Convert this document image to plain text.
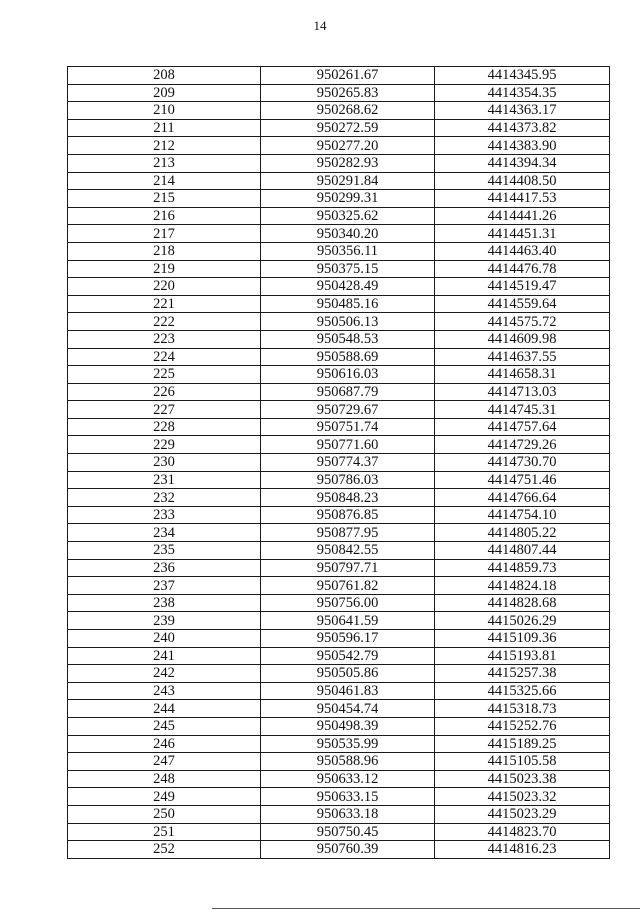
14
208	950261.67	4414345.95
209	950265.83	4414354.35
210	950268.62	4414363.17
211	950272.59	4414373.82
212	950277.20	4414383.90
213	950282.93	4414394.34
214	950291.84	4414408.50
215	950299.31	4414417.53
216	950325.62	4414441.26
217	950340.20	4414451.31
218	950356.11	4414463.40
219	950375.15	4414476.78
220	950428.49	4414519.47
221	950485.16	4414559.64
222	950506.13	4414575.72
223	950548.53	4414609.98
224	950588.69	4414637.55
225	950616.03	4414658.31
226	950687.79	4414713.03
227	950729.67	4414745.31
228	950751.74	4414757.64
229	950771.60	4414729.26
230	950774.37	4414730.70
231	950786.03	4414751.46
232	950848.23	4414766.64
233	950876.85	4414754.10
234	950877.95	4414805.22
235	950842.55	4414807.44
236	950797.71	4414859.73
237	950761.82	4414824.18
238	950756.00	4414828.68
239	950641.59	4415026.29
240	950596.17	4415109.36
241	950542.79	4415193.81
242	950505.86	4415257.38
243	950461.83	4415325.66
244	950454.74	4415318.73
245	950498.39	4415252.76
246	950535.99	4415189.25
247	950588.96	4415105.58
248	950633.12	4415023.38
249	950633.15	4415023.32
250	950633.18	4415023.29
251	950750.45	4414823.70
252	950760.39	4414816.23
